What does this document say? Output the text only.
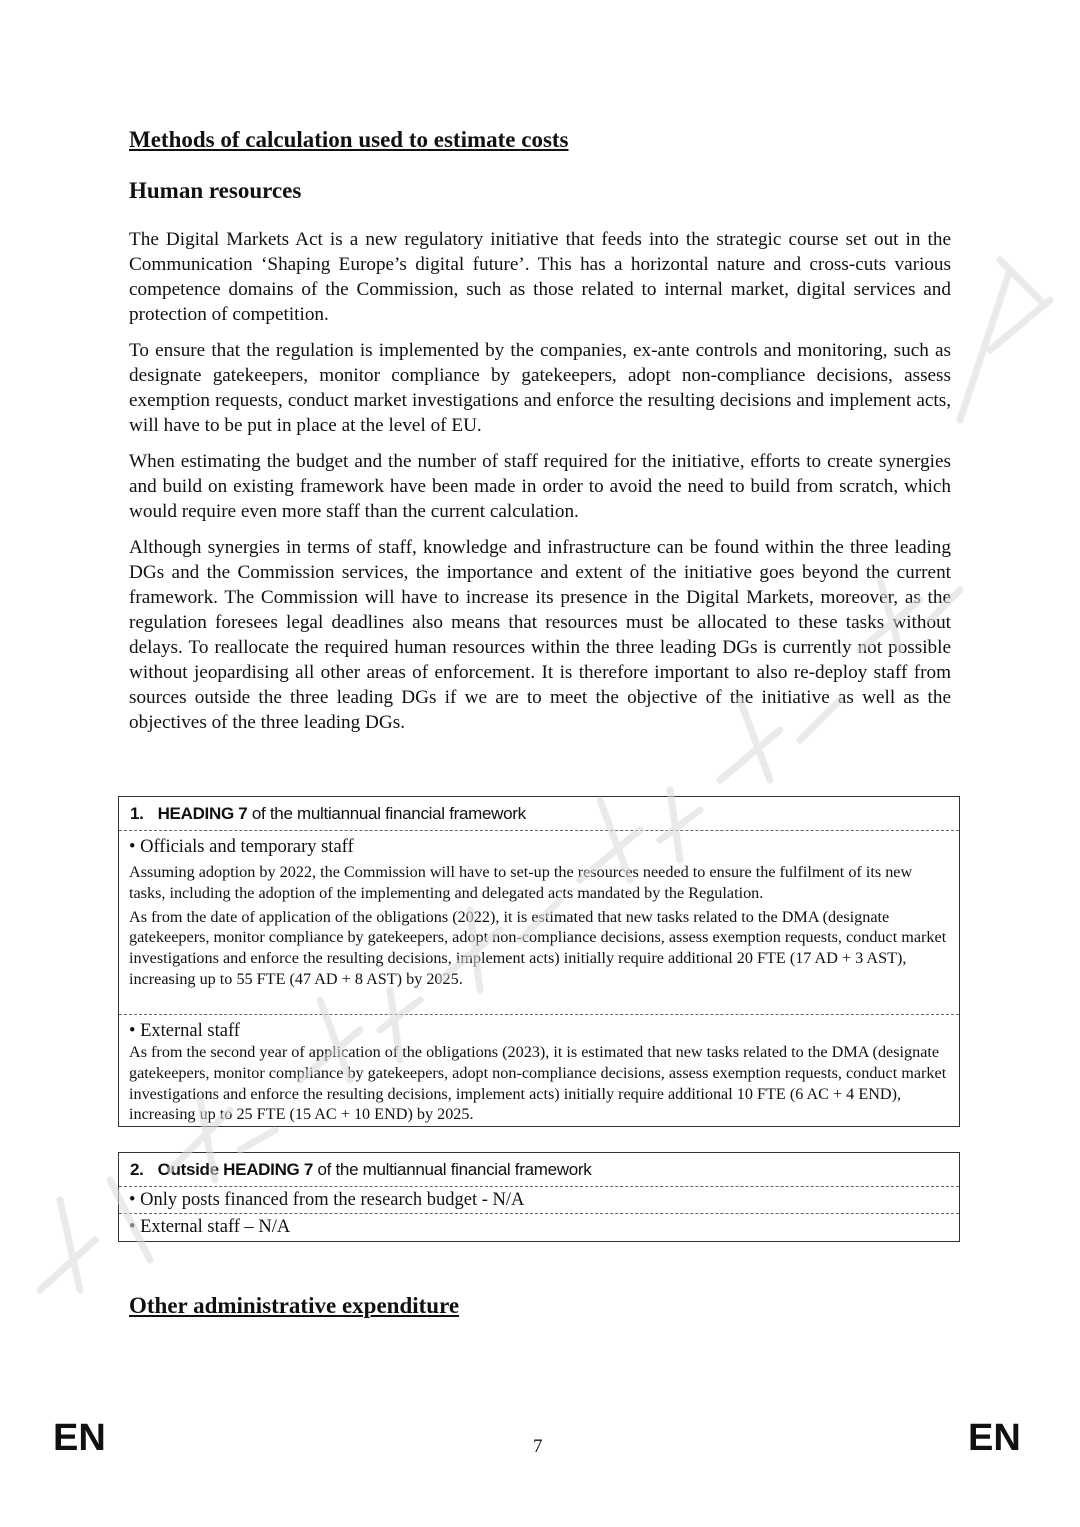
Methods of calculation used to estimate costs
Human resources

The Digital Markets Act is a new regulatory initiative that feeds into the strategic course set out in the Communication ‘Shaping Europe’s digital future’. This has a horizontal nature and cross-cuts various competence domains of the Commission, such as those related to internal market, digital services and protection of competition.

To ensure that the regulation is implemented by the companies, ex-ante controls and monitoring, such as designate gatekeepers, monitor compliance by gatekeepers, adopt non-compliance decisions, assess exemption requests, conduct market investigations and enforce the resulting decisions and implement acts, will have to be put in place at the level of EU.

When estimating the budget and the number of staff required for the initiative, efforts to create synergies and build on existing framework have been made in order to avoid the need to build from scratch, which would require even more staff than the current calculation.

Although synergies in terms of staff, knowledge and infrastructure can be found within the three leading DGs and the Commission services, the importance and extent of the initiative goes beyond the current framework. The Commission will have to increase its presence in the Digital Markets, moreover, as the regulation foresees legal deadlines also means that resources must be allocated to these tasks without delays. To reallocate the required human resources within the three leading DGs is currently not possible without jeopardising all other areas of enforcement. It is therefore important to also re-deploy staff from sources outside the three leading DGs if we are to meet the objective of the initiative as well as the objectives of the three leading DGs.

1. HEADING 7 of the multiannual financial framework

• Officials and temporary staff

Assuming adoption by 2022, the Commission will have to set-up the resources needed to ensure the fulfilment of its new tasks, including the adoption of the implementing and delegated acts mandated by the Regulation.

As from the date of application of the obligations (2022), it is estimated that new tasks related to the DMA (designate gatekeepers, monitor compliance by gatekeepers, adopt non-compliance decisions, assess exemption requests, conduct market investigations and enforce the resulting decisions, implement acts) initially require additional 20 FTE (17 AD + 3 AST), increasing up to 55 FTE (47 AD + 8 AST) by 2025.

• External staff

As from the second year of application of the obligations (2023), it is estimated that new tasks related to the DMA (designate gatekeepers, monitor compliance by gatekeepers, adopt non-compliance decisions, assess exemption requests, conduct market investigations and enforce the resulting decisions, implement acts) initially require additional 10 FTE (6 AC + 4 END), increasing up to 25 FTE (15 AC + 10 END) by 2025.

2. Outside HEADING 7 of the multiannual financial framework
• Only posts financed from the research budget - N/A
• External staff – N/A
Other administrative expenditure
EN	7	EN
